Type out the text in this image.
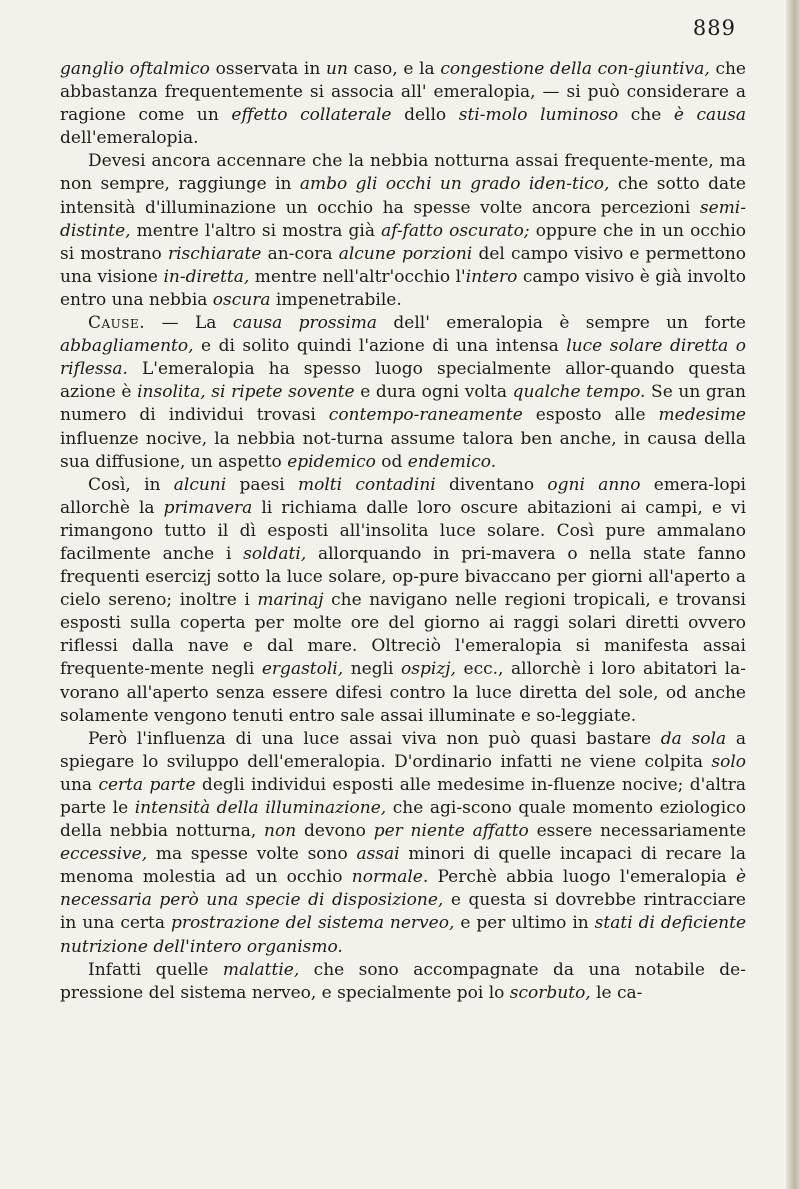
889

ganglio oftalmico osservata in un caso, e la congestione della con-giuntiva, che abbastanza frequentemente si associa all' emeralopia, — si può considerare a ragione come un effetto collaterale dello sti-molo luminoso che è causa dell'emeralopia.

Devesi ancora accennare che la nebbia notturna assai frequente-mente, ma non sempre, raggiunge in ambo gli occhi un grado iden-tico, che sotto date intensità d'illuminazione un occhio ha spesse volte ancora percezioni semi-distinte, mentre l'altro si mostra già af-fatto oscurato; oppure che in un occhio si mostrano rischiarate an-cora alcune porzioni del campo visivo e permettono una visione in-diretta, mentre nell'altr'occhio l'intero campo visivo è già involto entro una nebbia oscura impenetrabile.

Cause. — La causa prossima dell' emeralopia è sempre un forte abbagliamento, e di solito quindi l'azione di una intensa luce solare diretta o riflessa. L'emeralopia ha spesso luogo specialmente allor-quando questa azione è insolita, si ripete sovente e dura ogni volta qualche tempo. Se un gran numero di individui trovasi contempo-raneamente esposto alle medesime influenze nocive, la nebbia not-turna assume talora ben anche, in causa della sua diffusione, un aspetto epidemico od endemico.

Così, in alcuni paesi molti contadini diventano ogni anno emera-lopi allorchè la primavera li richiama dalle loro oscure abitazioni ai campi, e vi rimangono tutto il dì esposti all'insolita luce solare. Così pure ammalano facilmente anche i soldati, allorquando in pri-mavera o nella state fanno frequenti esercizj sotto la luce solare, op-pure bivaccano per giorni all'aperto a cielo sereno; inoltre i marinaj che navigano nelle regioni tropicali, e trovansi esposti sulla coperta per molte ore del giorno ai raggi solari diretti ovvero riflessi dalla nave e dal mare. Oltreciò l'emeralopia si manifesta assai frequente-mente negli ergastoli, negli ospizj, ecc., allorchè i loro abitatori la-vorano all'aperto senza essere difesi contro la luce diretta del sole, od anche solamente vengono tenuti entro sale assai illuminate e so-leggiate.

Però l'influenza di una luce assai viva non può quasi bastare da sola a spiegare lo sviluppo dell'emeralopia. D'ordinario infatti ne viene colpita solo una certa parte degli individui esposti alle medesime in-fluenze nocive; d'altra parte le intensità della illuminazione, che agi-scono quale momento eziologico della nebbia notturna, non devono per niente affatto essere necessariamente eccessive, ma spesse volte sono assai minori di quelle incapaci di recare la menoma molestia ad un occhio normale. Perchè abbia luogo l'emeralopia è necessaria però una specie di disposizione, e questa si dovrebbe rintracciare in una certa prostrazione del sistema nerveo, e per ultimo in stati di deficiente nutrizione dell'intero organismo.

Infatti quelle malattie, che sono accompagnate da una notabile de-pressione del sistema nerveo, e specialmente poi lo scorbuto, le ca-
